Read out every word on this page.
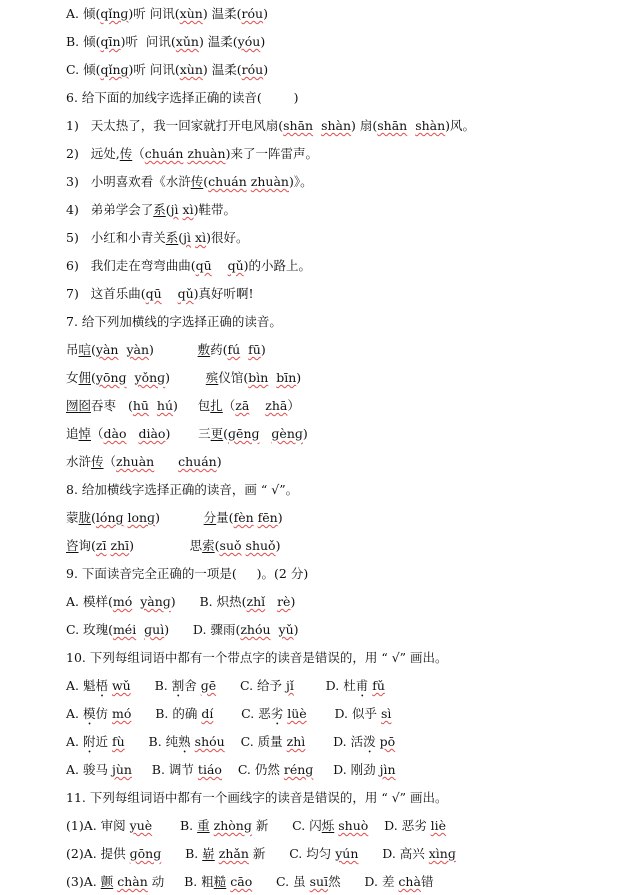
A. 倾(qǐnɡ)听 问讯(xùn) 温柔(róu)
B. 倾(qīn)听  问讯(xǔn) 温柔(yóu)
C. 倾(qǐnɡ)听 问讯(xùn) 温柔(róu)
6. 给下面的加线字选择正确的读音(        )
1)   天太热了，我一回家就打开电风扇(shān shàn) 扇(shān shàn)风。
2)   远处,传（chuán zhuàn)来了一阵雷声。
3)   小明喜欢看《水浒传(chuán zhuàn)》。
4)   弟弟学会了系(jì xì)鞋带。
5)   小红和小青关系(jì xì)很好。
6)   我们走在弯弯曲曲(qū qǔ)的小路上。
7)   这首乐曲(qū qǔ)真好听啊!
7. 给下列加横线的字选择正确的读音。
吊唁(yàn yàn)           敷药(fú fū)
女佣(yōnɡ yǒnɡ)         殡仪馆(bìn bīn)
囫囵吞枣   (hū hú)     包扎（zā zhā）
追悼（dào diào)       三更(ɡēnɡ ɡènɡ)
水浒传（zhuàn chuán)
8. 给加横线字选择正确的读音，画 “ √”。
蒙胧(lónɡ lonɡ)           分量(fèn fēn)
咨询(zī zhī)              思索(suǒ shuǒ)
9. 下面读音完全正确的一项是(     )。(2 分)
A. 模样(mó yànɡ)      B. 炽热(zhǐ rè)
C. 玫瑰(méi ɡuì)      D. 骤雨(zhóu yǔ)
10. 下列每组词语中都有一个带点字的读音是错误的，用 “ √” 画出。
A. 魁梧 wǔ      B. 割舍 ɡē      C. 给予 jǐ        D. 杜甫 fǔ
A. 模仿 mó      B. 的确 dí       C. 恶劣 lüè       D. 似乎 sì
A. 附近 fù      B. 纯熟 shóu    C. 质量 zhì       D. 活泼 pō
A. 骏马 jùn     B. 调节 tiáo    C. 仍然 rénɡ     D. 刚劲 jìn
11. 下列每组词语中都有一个画线字的读音是错误的，用 “ √” 画出。
(1)A. 审阅 yuè       B. 重 zhònɡ 新      C. 闪烁 shuò    D. 恶劣 liè
(2)A. 提供 ɡōnɡ      B. 崭 zhǎn 新      C. 均匀 yún      D. 高兴 xìnɡ
(3)A. 颤 chàn 动     B. 粗糙 cāo      C. 虽 suī然      D. 差 chà错
